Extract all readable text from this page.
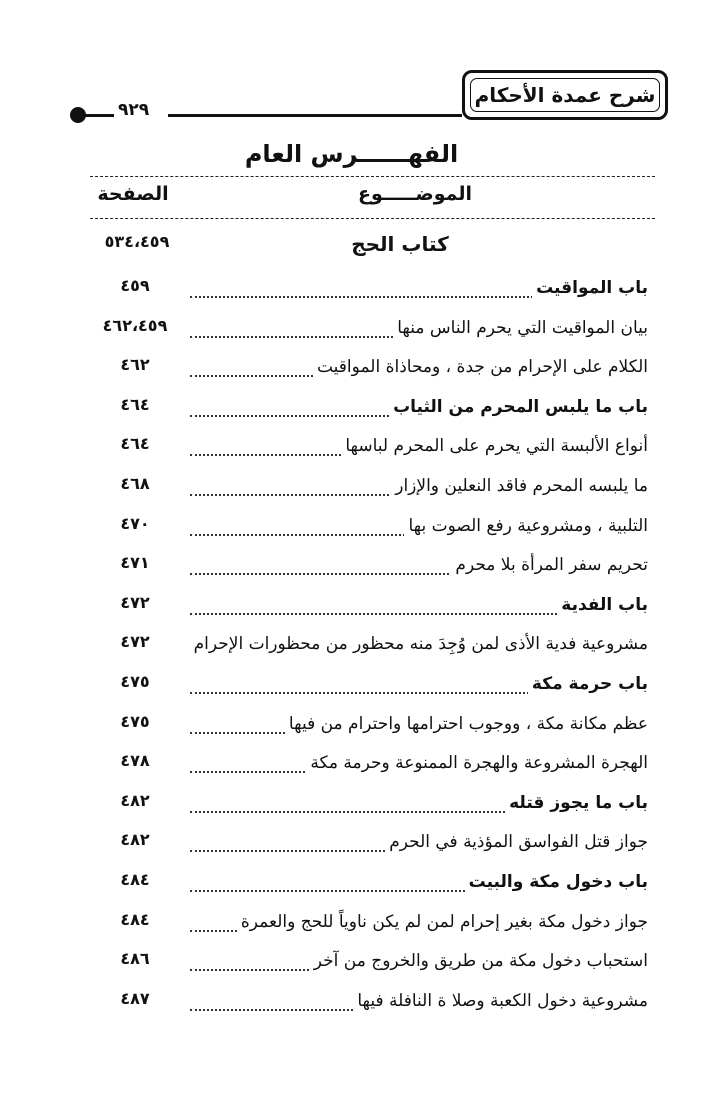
شرح عمدة الأحكام
٩٢٩
الفهــــــرس العام
الموضـــــوع
الصفحة
كتاب الحج
٥٣٤،٤٥٩
باب المواقيت
٤٥٩
بيان المواقيت التي يحرم الناس منها
٤٦٢،٤٥٩
الكلام على الإحرام من جدة ، ومحاذاة المواقيت
٤٦٢
باب ما يلبس المحرم من الثياب
٤٦٤
أنواع الألبسة التي يحرم على المحرم لباسها
٤٦٤
ما يلبسه المحرم فاقد النعلين والإزار
٤٦٨
التلبية ، ومشروعية رفع الصوت بها
٤٧٠
تحريم سفر المرأة بلا محرم
٤٧١
باب الفدية
٤٧٢
مشروعية فدية الأذى لمن وُجِدَ منه محظور من محظورات الإحرام
٤٧٢
باب حرمة مكة
٤٧٥
عظم مكانة مكة ، ووجوب احترامها واحترام من فيها
٤٧٥
الهجرة المشروعة والهجرة الممنوعة وحرمة مكة
٤٧٨
باب ما يجوز قتله
٤٨٢
جواز قتل الفواسق المؤذية في الحرم
٤٨٢
باب دخول مكة والبيت
٤٨٤
جواز دخول مكة بغير إحرام لمن لم يكن ناوياً للحج والعمرة
٤٨٤
استحباب دخول مكة من طريق والخروج من آخر
٤٨٦
مشروعية دخول الكعبة وصلا ة النافلة فيها
٤٨٧
